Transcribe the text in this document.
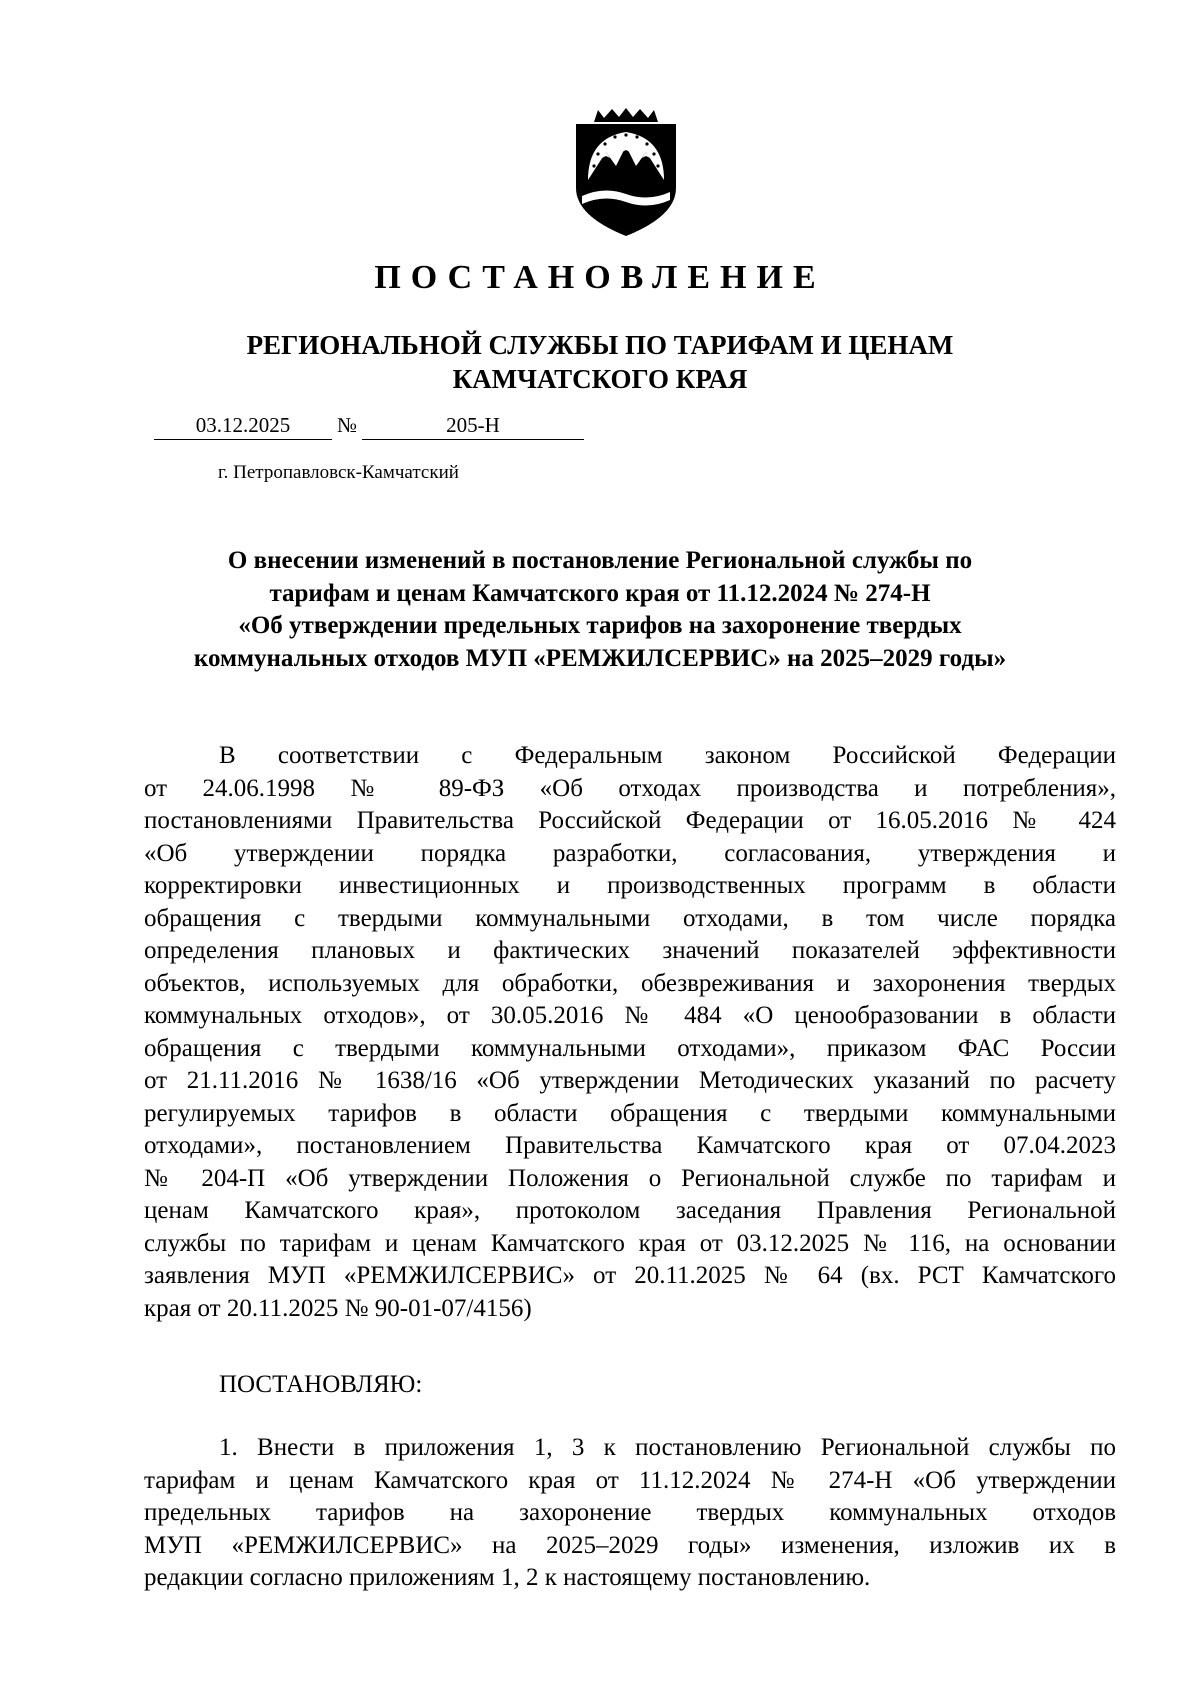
ПОСТАНОВЛЕНИЕ
РЕГИОНАЛЬНОЙ СЛУЖБЫ ПО ТАРИФАМ И ЦЕНАМ
КАМЧАТСКОГО КРАЯ
03.12.2025	№	205-Н
г. Петропавловск-Камчатский
О внесении изменений в постановление Региональной службы по
тарифам и ценам Камчатского края от 11.12.2024 № 274-Н
«Об утверждении предельных тарифов на захоронение твердых
коммунальных отходов МУП «РЕМЖИЛСЕРВИС» на 2025–2029 годы»
В соответствии с Федеральным законом Российской Федерации
от 24.06.1998 № 89-ФЗ «Об отходах производства и потребления»,
постановлениями Правительства Российской Федерации от 16.05.2016 № 424
«Об утверждении порядка разработки, согласования, утверждения и
корректировки инвестиционных и производственных программ в области
обращения с твердыми коммунальными отходами, в том числе порядка
определения плановых и фактических значений показателей эффективности
объектов, используемых для обработки, обезвреживания и захоронения твердых
коммунальных отходов», от 30.05.2016 № 484 «О ценообразовании в области
обращения с твердыми коммунальными отходами», приказом ФАС России
от 21.11.2016 № 1638/16 «Об утверждении Методических указаний по расчету
регулируемых тарифов в области обращения с твердыми коммунальными
отходами», постановлением Правительства Камчатского края от 07.04.2023
№ 204-П «Об утверждении Положения о Региональной службе по тарифам и
ценам Камчатского края», протоколом заседания Правления Региональной
службы по тарифам и ценам Камчатского края от 03.12.2025 № 116, на основании
заявления МУП «РЕМЖИЛСЕРВИС» от 20.11.2025 № 64 (вх. РСТ Камчатского
края от 20.11.2025 № 90-01-07/4156)
ПОСТАНОВЛЯЮ:
1. Внести в приложения 1, 3 к постановлению Региональной службы по
тарифам и ценам Камчатского края от 11.12.2024 № 274-Н «Об утверждении
предельных тарифов на захоронение твердых коммунальных отходов
МУП «РЕМЖИЛСЕРВИС» на 2025–2029 годы» изменения, изложив их в
редакции согласно приложениям 1, 2 к настоящему постановлению.
